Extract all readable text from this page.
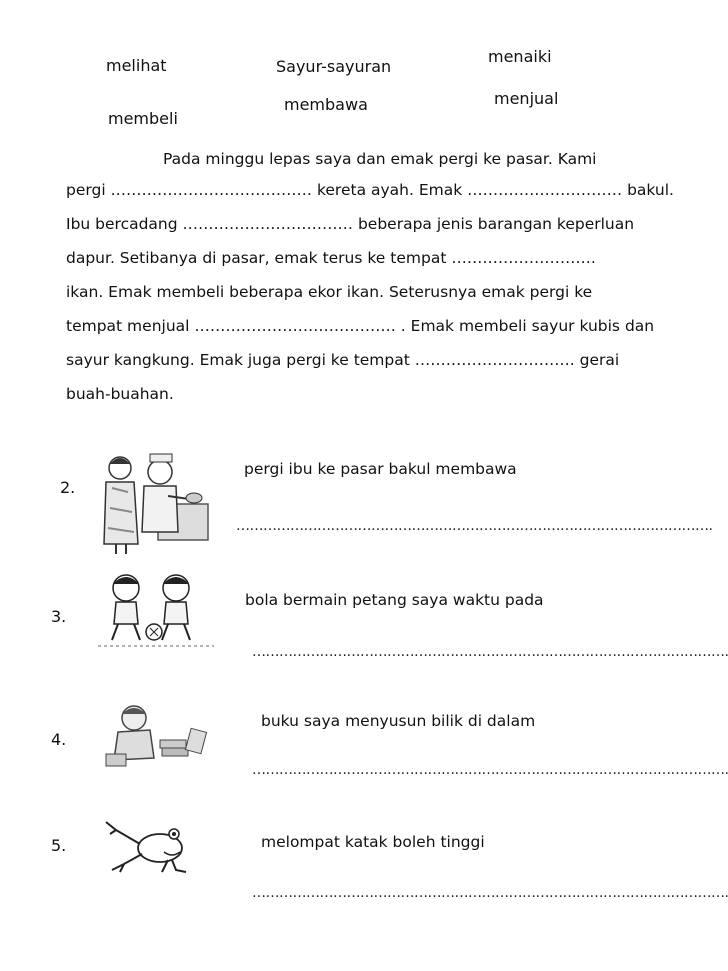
melihat	Sayur-sayuran
menaiki
membeli
membawa	menjual
Pada minggu lepas saya dan emak pergi ke pasar. Kami
pergi ………………………………… kereta ayah. Emak ………………………… bakul.
Ibu bercadang …………………………… beberapa jenis barangan keperluan
dapur. Setibanya di pasar, emak terus ke tempat ……………………….
ikan. Emak membeli beberapa ekor ikan. Seterusnya emak pergi ke
tempat menjual ………………………………… . Emak membeli sayur kubis dan
sayur kangkung. Emak juga pergi ke tempat …………………………. gerai
buah-buahan.
2.
pergi ibu ke pasar bakul membawa
…………………………………………………………………………………………….
3.
bola bermain petang saya waktu pada
…………………………………………………………………………………………….
4.
buku saya menyusun bilik di dalam
…………………………………………………………………………………………….
5.	melompat katak boleh tinggi
…………………………………………………………………………………………….
